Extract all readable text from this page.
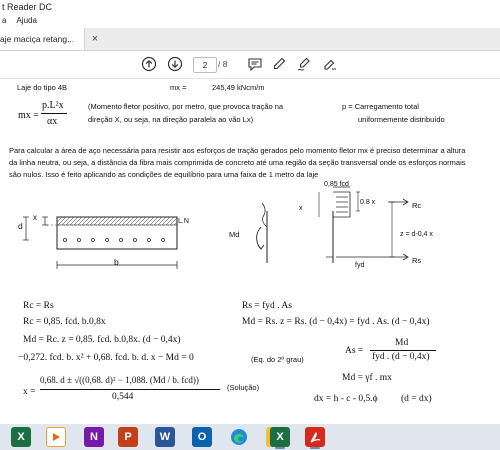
t Reader DC
a Ajuda
aje maciça retang...	×
2	/ 8
Laje do tipo 4B	mx =	245,49 kNcm/m
mx =
p.L²x
αx
(Momento fletor positivo, por metro, que provoca tração na
direção X, ou seja, na direção paralela ao vão Lx)
p = Carregamento total
uniformemente distribuído
Para calcular a área de aço necessária para resistir aos esforços de tração gerados pelo momento fletor mx é preciso determinar a altura
da linha neutra, ou seja, a distância da fibra mais comprimida de concreto até uma região da seção transversal onde os esforços normais
são nulos. Isso é feito aplicando as condições de equilíbrio para uma faixa de 1 metro da laje
d
x	L.N
b
0,85 fcd
0.8 x
x
Md
Rc
Rs
z = d-0,4 x
fyd
Rc = Rs
Rc = 0,85. fcd. b.0,8x
Md = Rc. z = 0,85. fcd. b.0,8x. (d − 0,4x)
−0,272. fcd. b. x² + 0,68. fcd. b. d. x − Md = 0	(Eq. do 2º grau)
x =
0,68. d ± √((0,68. d)² − 1,088. (Md / b. fcd))
0,544
(Solução)
Rs = fyd . As
Md = Rs. z = Rs. (d − 0,4x) = fyd . As. (d − 0,4x)
As =
Md
fyd . (d − 0,4x)
Md = γf . mx
dx = h - c - 0,5.ϕ (d = dx)
X	N	P	W	O	X
